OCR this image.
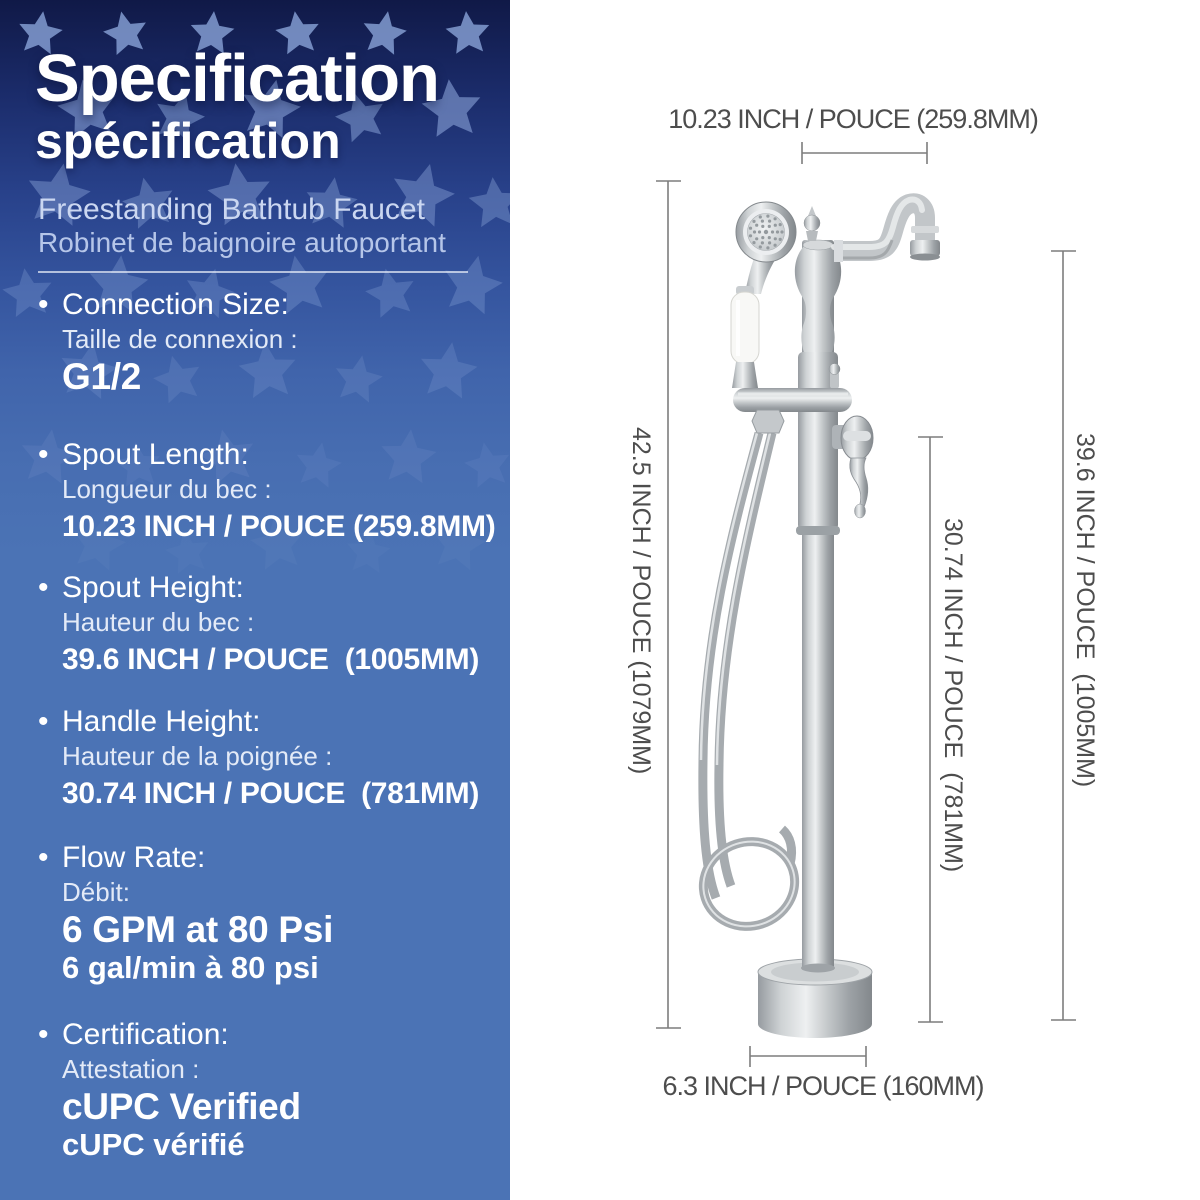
Specification
spécification
Freestanding Bathtub Faucet
Robinet de baignoire autoportant
• Connection Size:
Taille de connexion :
G1/2
• Spout Length:
Longueur du bec :
10.23 INCH / POUCE (259.8MM)
• Spout Height:
Hauteur du bec :
39.6 INCH / POUCE  (1005MM)
• Handle Height:
Hauteur de la poignée :
30.74 INCH / POUCE  (781MM)
• Flow Rate:
Débit:
6 GPM at 80 Psi
6 gal/min à 80 psi
• Certification:
Attestation :
cUPC Verified
cUPC vérifié
10.23 INCH / POUCE (259.8MM)
42.5 INCH / POUCE (1079MM)	30.74 INCH / POUCE  (781MM)	39.6 INCH / POUCE  (1005MM)
6.3 INCH / POUCE (160MM)
